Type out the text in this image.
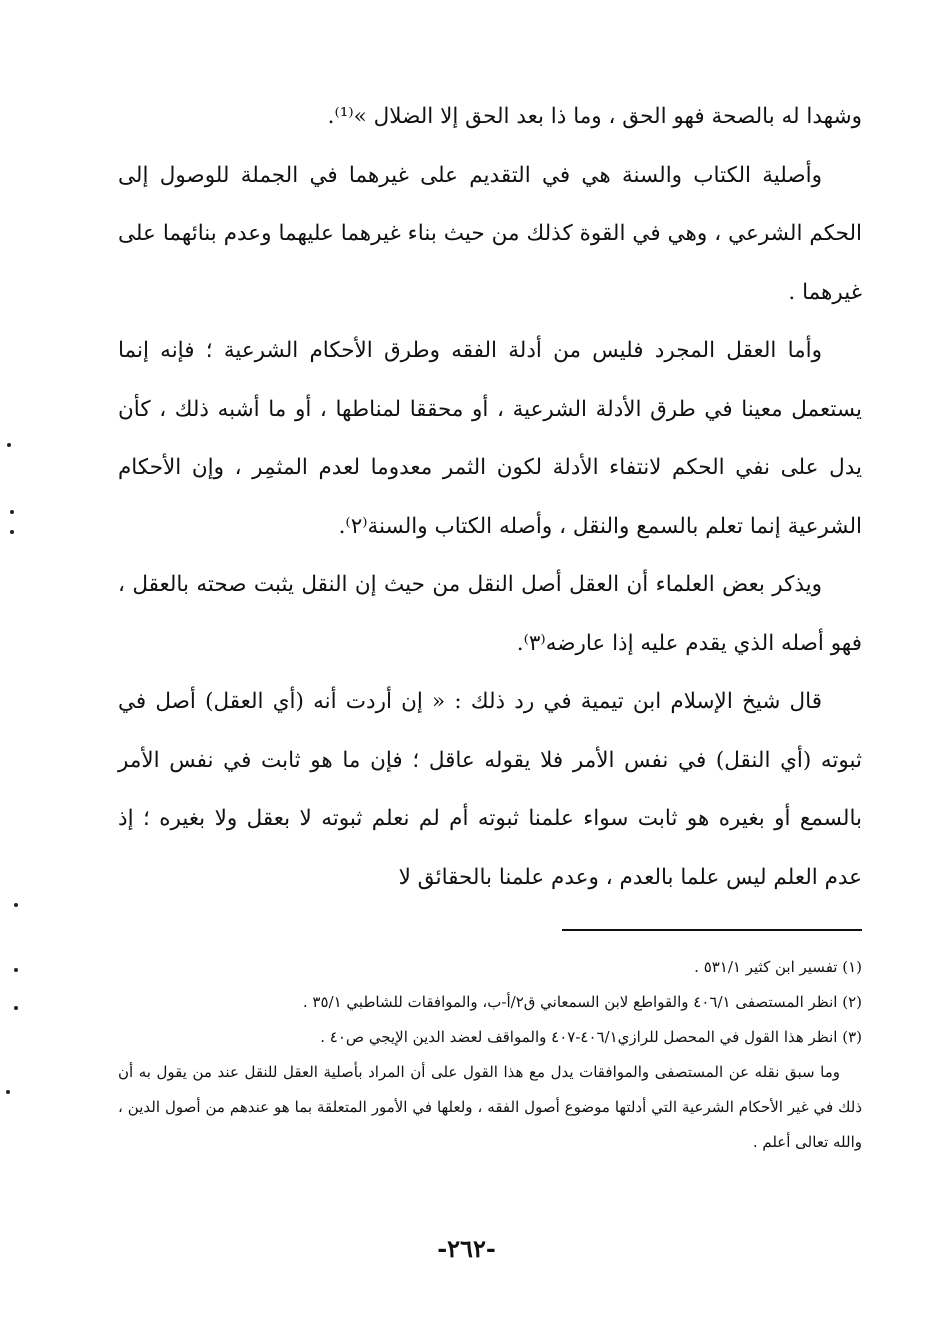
وشهدا له بالصحة فهو الحق ، وما ذا بعد الحق إلا الضلال »⁽¹⁾.

وأصلية الكتاب والسنة هي في التقديم على غيرهما في الجملة للوصول إلى الحكم الشرعي ، وهي في القوة كذلك من حيث بناء غيرهما عليهما وعدم بنائهما على غيرهما .

وأما العقل المجرد فليس من أدلة الفقه وطرق الأحكام الشرعية ؛ فإنه إنما يستعمل معينا في طرق الأدلة الشرعية ، أو محققا لمناطها ، أو ما أشبه ذلك ، كأن يدل على نفي الحكم لانتفاء الأدلة لكون الثمر معدوما لعدم المثمِر ، وإن الأحكام الشرعية إنما تعلم بالسمع والنقل ، وأصله الكتاب والسنة⁽٢⁾.

ويذكر بعض العلماء أن العقل أصل النقل من حيث إن النقل يثبت صحته بالعقل ، فهو أصله الذي يقدم عليه إذا عارضه⁽٣⁾.

قال شيخ الإسلام ابن تيمية في رد ذلك : « إن أردت أنه (أي العقل) أصل في ثبوته (أي النقل) في نفس الأمر فلا يقوله عاقل ؛ فإن ما هو ثابت في نفس الأمر بالسمع أو بغيره هو ثابت سواء علمنا ثبوته أم لم نعلم ثبوته لا بعقل ولا بغيره ؛ إذ عدم العلم ليس علما بالعدم ، وعدم علمنا بالحقائق لا

(١) تفسير ابن كثير ٥٣١/١ .

(٢) انظر المستصفى ٤٠٦/١ والقواطع لابن السمعاني ق٢/أ-ب، والموافقات للشاطبي ٣٥/١ .

(٣) انظر هذا القول في المحصل للرازي٤٠٦/١-٤٠٧ والمواقف لعضد الدين الإيجي ص٤٠ .

وما سبق نقله عن المستصفى والموافقات يدل مع هذا القول على أن المراد بأصلية العقل للنقل عند من يقول به أن ذلك في غير الأحكام الشرعية التي أدلتها موضوع أصول الفقه ، ولعلها في الأمور المتعلقة بما هو عندهم من أصول الدين ، والله تعالى أعلم .

-٢٦٢-
